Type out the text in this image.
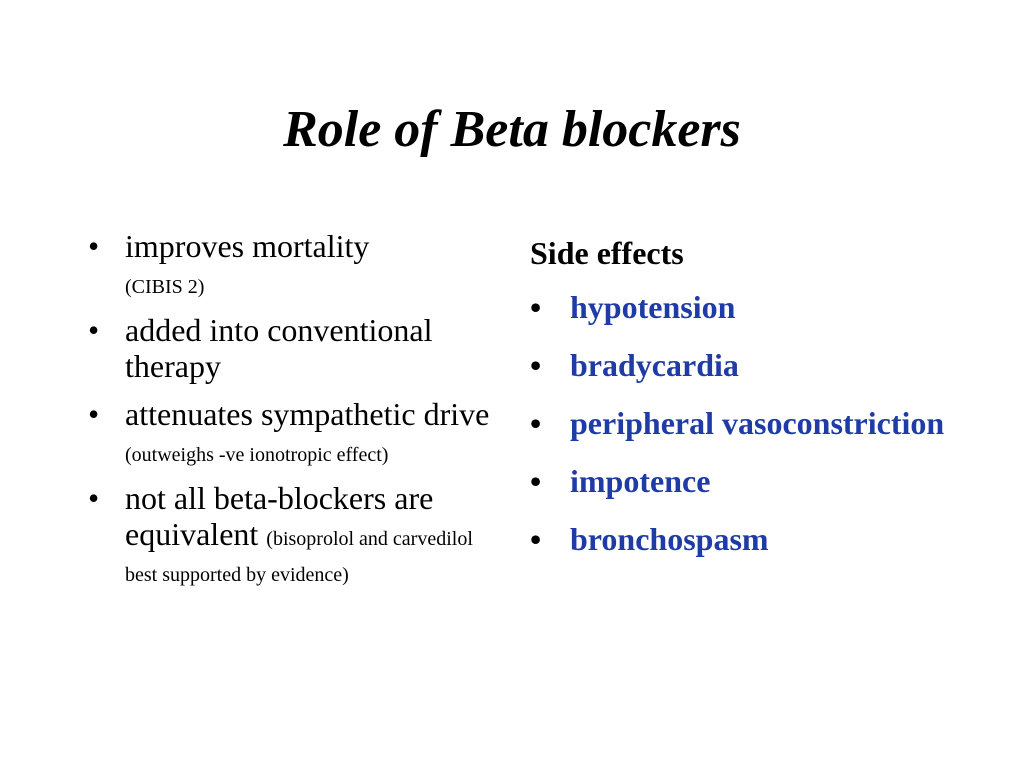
Role of Beta blockers
• improves mortality
(CIBIS 2)
• added into conventional therapy
• attenuates sympathetic drive (outweighs -ve ionotropic effect)
• not all beta-blockers are equivalent (bisoprolol and carvedilol best supported by evidence)
Side effects
• hypotension
• bradycardia
• peripheral vasoconstriction
• impotence
• bronchospasm
